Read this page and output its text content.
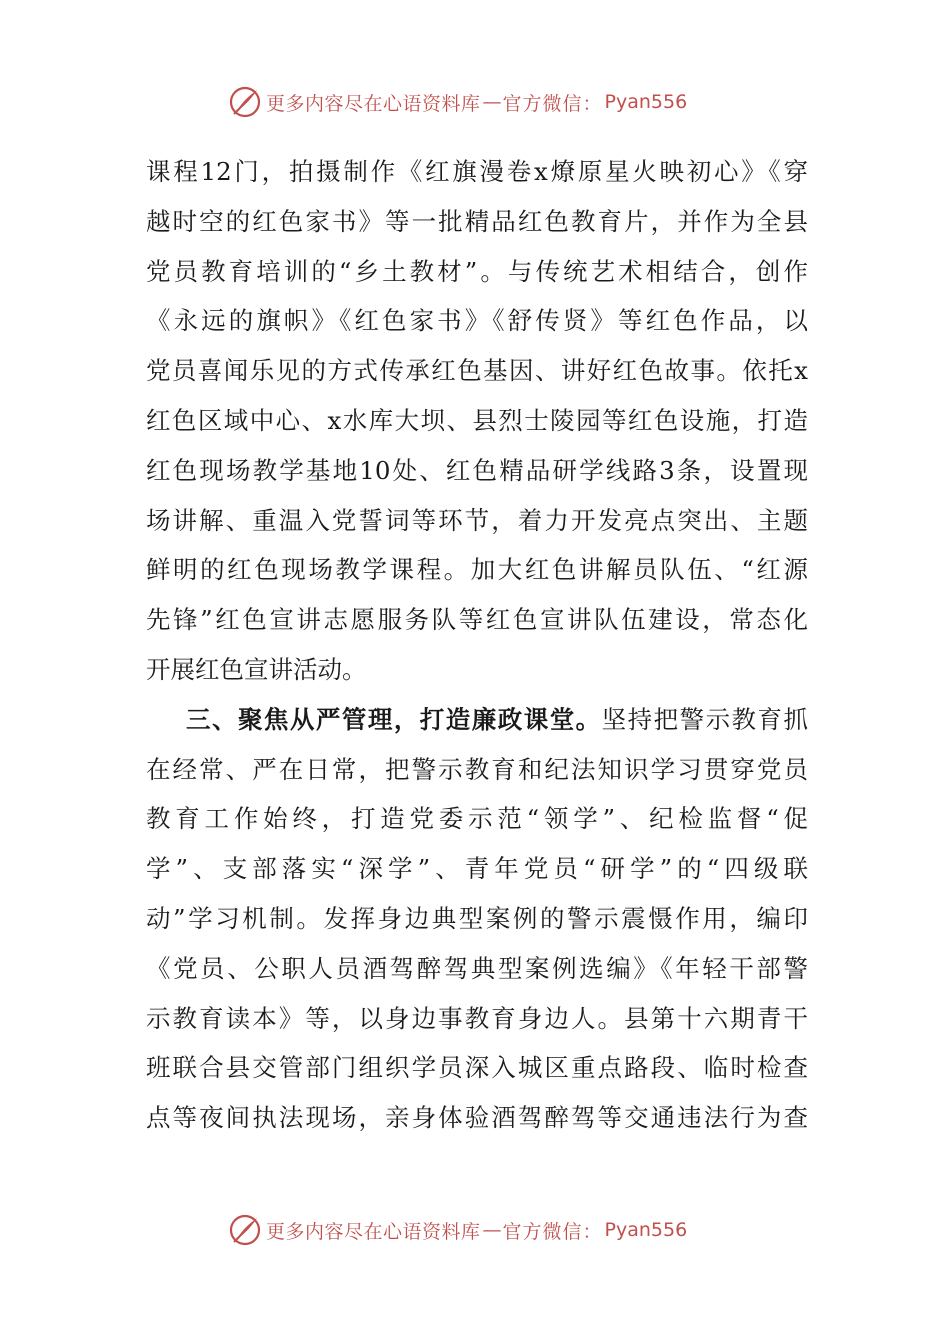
更多内容尽在心语资料库 — 官方微信： Pyan556
课程12门，拍摄制作《红旗漫卷x燎原星火映初心》《穿
越时空的红色家书》等一批精品红色教育片，并作为全县
党员教育培训的“乡土教材”。与传统艺术相结合，创作
《永远的旗帜》《红色家书》《舒传贤》等红色作品，以
党员喜闻乐见的方式传承红色基因、讲好红色故事。依托x
红色区域中心、x水库大坝、县烈士陵园等红色设施，打造
红色现场教学基地10处、红色精品研学线路3条，设置现
场讲解、重温入党誓词等环节，着力开发亮点突出、主题
鲜明的红色现场教学课程。加大红色讲解员队伍、“红源
先锋”红色宣讲志愿服务队等红色宣讲队伍建设，常态化
开展红色宣讲活动。
三、聚焦从严管理，打造廉政课堂。坚持把警示教育抓
在经常、严在日常，把警示教育和纪法知识学习贯穿党员
教育工作始终，打造党委示范“领学”、纪检监督“促
学”、支部落实“深学”、青年党员“研学”的“四级联
动”学习机制。发挥身边典型案例的警示震慑作用，编印
《党员、公职人员酒驾醉驾典型案例选编》《年轻干部警
示教育读本》等，以身边事教育身边人。县第十六期青干
班联合县交管部门组织学员深入城区重点路段、临时检查
点等夜间执法现场，亲身体验酒驾醉驾等交通违法行为查
更多内容尽在心语资料库 — 官方微信： Pyan556
